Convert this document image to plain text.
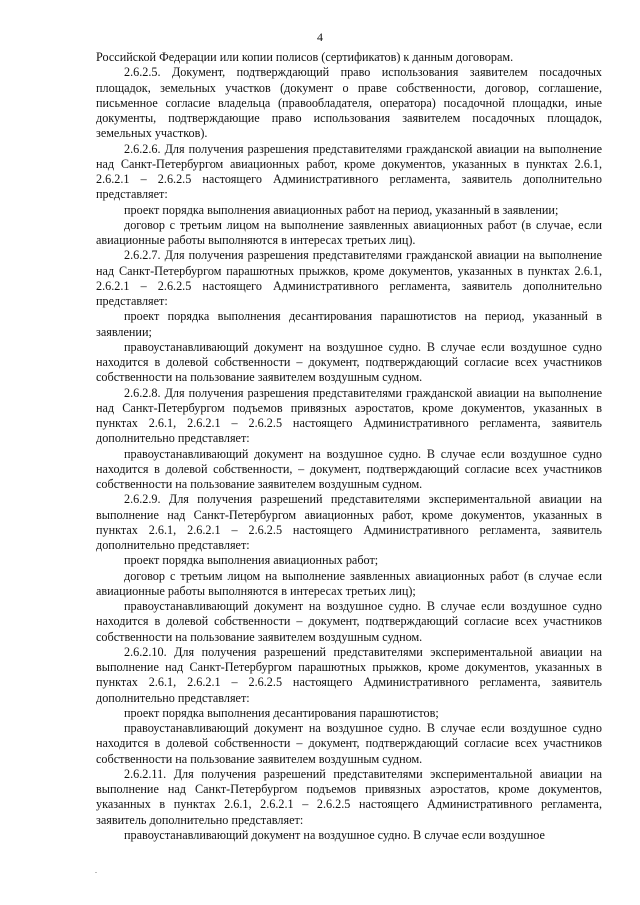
4

Российской Федерации или копии полисов (сертификатов) к данным договорам.

2.6.2.5. Документ, подтверждающий право использования заявителем посадочных площадок, земельных участков (документ о праве собственности, договор, соглашение, письменное согласие владельца (правообладателя, оператора) посадочной площадки, иные документы, подтверждающие право использования заявителем посадочных площадок, земельных участков).

2.6.2.6. Для получения разрешения представителями гражданской авиации на выполнение над Санкт-Петербургом авиационных работ, кроме документов, указанных в пунктах 2.6.1, 2.6.2.1 – 2.6.2.5 настоящего Административного регламента, заявитель дополнительно представляет:

проект порядка выполнения авиационных работ на период, указанный в заявлении;

договор с третьим лицом на выполнение заявленных авиационных работ (в случае, если авиационные работы выполняются в интересах третьих лиц).

2.6.2.7. Для получения разрешения представителями гражданской авиации на выполнение над Санкт-Петербургом парашютных прыжков, кроме документов, указанных в пунктах 2.6.1, 2.6.2.1 – 2.6.2.5 настоящего Административного регламента, заявитель дополнительно представляет:

проект порядка выполнения десантирования парашютистов на период, указанный в заявлении;

правоустанавливающий документ на воздушное судно. В случае если воздушное судно находится в долевой собственности – документ, подтверждающий согласие всех участников собственности на пользование заявителем воздушным судном.

2.6.2.8. Для получения разрешения представителями гражданской авиации на выполнение над Санкт-Петербургом подъемов привязных аэростатов, кроме документов, указанных в пунктах 2.6.1, 2.6.2.1 – 2.6.2.5 настоящего Административного регламента, заявитель дополнительно представляет:

правоустанавливающий документ на воздушное судно. В случае если воздушное судно находится в долевой собственности, – документ, подтверждающий согласие всех участников собственности на пользование заявителем воздушным судном.

2.6.2.9. Для получения разрешений представителями экспериментальной авиации на выполнение над Санкт-Петербургом авиационных работ, кроме документов, указанных в пунктах 2.6.1, 2.6.2.1 – 2.6.2.5 настоящего Административного регламента, заявитель дополнительно представляет:

проект порядка выполнения авиационных работ;

договор с третьим лицом на выполнение заявленных авиационных работ (в случае если авиационные работы выполняются в интересах третьих лиц);

правоустанавливающий документ на воздушное судно. В случае если воздушное судно находится в долевой собственности – документ, подтверждающий согласие всех участников собственности на пользование заявителем воздушным судном.

2.6.2.10. Для получения разрешений представителями экспериментальной авиации на выполнение над Санкт-Петербургом парашютных прыжков, кроме документов, указанных в пунктах 2.6.1, 2.6.2.1 – 2.6.2.5 настоящего Административного регламента, заявитель дополнительно представляет:

проект порядка выполнения десантирования парашютистов;

правоустанавливающий документ на воздушное судно. В случае если воздушное судно находится в долевой собственности – документ, подтверждающий согласие всех участников собственности на пользование заявителем воздушным судном.

2.6.2.11. Для получения разрешений представителями экспериментальной авиации на выполнение над Санкт-Петербургом подъемов привязных аэростатов, кроме документов, указанных в пунктах 2.6.1, 2.6.2.1 – 2.6.2.5 настоящего Административного регламента, заявитель дополнительно представляет:

правоустанавливающий документ на воздушное судно. В случае если воздушное
